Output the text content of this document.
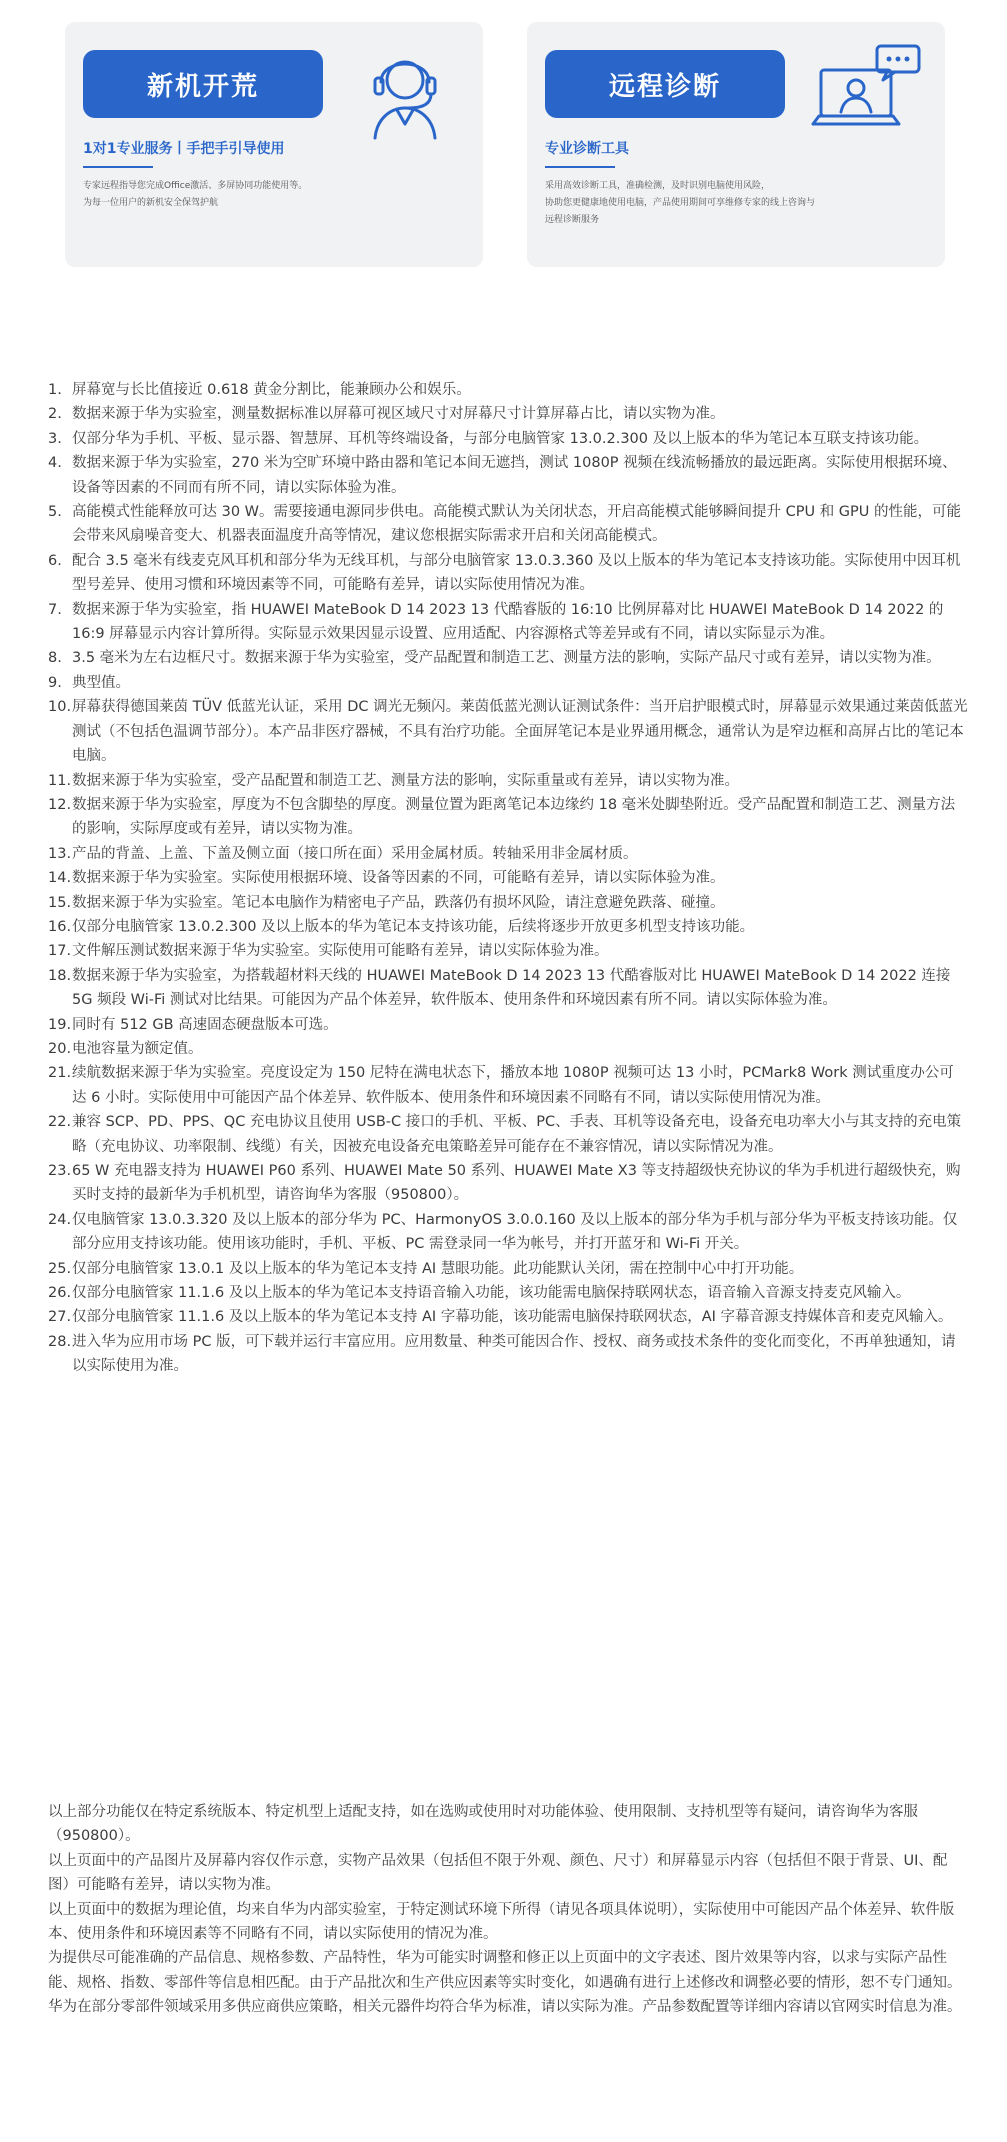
新机开荒
1对1专业服务丨手把手引导使用
专家远程指导您完成Office激活、多屏协同功能使用等。
为每一位用户的新机安全保驾护航
远程诊断
专业诊断工具
采用高效诊断工具，准确检测，及时识别电脑使用风险，
协助您更健康地使用电脑，产品使用期间可享维修专家的线上咨询与
远程诊断服务
1. 屏幕宽与长比值接近 0.618 黄金分割比，能兼顾办公和娱乐。
2. 数据来源于华为实验室，测量数据标准以屏幕可视区域尺寸对屏幕尺寸计算屏幕占比，请以实物为准。
3. 仅部分华为手机、平板、显示器、智慧屏、耳机等终端设备，与部分电脑管家 13.0.2.300 及以上版本的华为笔记本互联支持该功能。
4. 数据来源于华为实验室，270 米为空旷环境中路由器和笔记本间无遮挡，测试 1080P 视频在线流畅播放的最远距离。实际使用根据环境、设备等因素的不同而有所不同，请以实际体验为准。
5. 高能模式性能释放可达 30 W。需要接通电源同步供电。高能模式默认为关闭状态，开启高能模式能够瞬间提升 CPU 和 GPU 的性能，可能会带来风扇噪音变大、机器表面温度升高等情况，建议您根据实际需求开启和关闭高能模式。
6. 配合 3.5 毫米有线麦克风耳机和部分华为无线耳机，与部分电脑管家 13.0.3.360 及以上版本的华为笔记本支持该功能。实际使用中因耳机型号差异、使用习惯和环境因素等不同，可能略有差异，请以实际使用情况为准。
7. 数据来源于华为实验室，指 HUAWEI MateBook D 14 2023 13 代酷睿版的 16:10 比例屏幕对比 HUAWEI MateBook D 14 2022 的 16:9 屏幕显示内容计算所得。实际显示效果因显示设置、应用适配、内容源格式等差异或有不同，请以实际显示为准。
8. 3.5 毫米为左右边框尺寸。数据来源于华为实验室，受产品配置和制造工艺、测量方法的影响，实际产品尺寸或有差异，请以实物为准。
9. 典型值。
10. 屏幕获得德国莱茵 TÜV 低蓝光认证，采用 DC 调光无频闪。莱茵低蓝光测认证测试条件：当开启护眼模式时，屏幕显示效果通过莱茵低蓝光测试（不包括色温调节部分）。本产品非医疗器械，不具有治疗功能。全面屏笔记本是业界通用概念，通常认为是窄边框和高屏占比的笔记本电脑。
11. 数据来源于华为实验室，受产品配置和制造工艺、测量方法的影响，实际重量或有差异，请以实物为准。
12. 数据来源于华为实验室，厚度为不包含脚垫的厚度。测量位置为距离笔记本边缘约 18 毫米处脚垫附近。受产品配置和制造工艺、测量方法的影响，实际厚度或有差异，请以实物为准。
13. 产品的背盖、上盖、下盖及侧立面（接口所在面）采用金属材质。转轴采用非金属材质。
14. 数据来源于华为实验室。实际使用根据环境、设备等因素的不同，可能略有差异，请以实际体验为准。
15. 数据来源于华为实验室。笔记本电脑作为精密电子产品，跌落仍有损坏风险，请注意避免跌落、碰撞。
16. 仅部分电脑管家 13.0.2.300 及以上版本的华为笔记本支持该功能，后续将逐步开放更多机型支持该功能。
17. 文件解压测试数据来源于华为实验室。实际使用可能略有差异，请以实际体验为准。
18. 数据来源于华为实验室，为搭载超材料天线的 HUAWEI MateBook D 14 2023 13 代酷睿版对比 HUAWEI MateBook D 14 2022 连接 5G 频段 Wi-Fi 测试对比结果。可能因为产品个体差异，软件版本、使用条件和环境因素有所不同。请以实际体验为准。
19. 同时有 512 GB 高速固态硬盘版本可选。
20. 电池容量为额定值。
21. 续航数据来源于华为实验室。亮度设定为 150 尼特在满电状态下，播放本地 1080P 视频可达 13 小时，PCMark8 Work 测试重度办公可达 6 小时。实际使用中可能因产品个体差异、软件版本、使用条件和环境因素不同略有不同，请以实际使用情况为准。
22. 兼容 SCP、PD、PPS、QC 充电协议且使用 USB-C 接口的手机、平板、PC、手表、耳机等设备充电，设备充电功率大小与其支持的充电策略（充电协议、功率限制、线缆）有关，因被充电设备充电策略差异可能存在不兼容情况，请以实际情况为准。
23. 65 W 充电器支持为 HUAWEI P60 系列、HUAWEI Mate 50 系列、HUAWEI Mate X3 等支持超级快充协议的华为手机进行超级快充，购买时支持的最新华为手机机型，请咨询华为客服（950800）。
24. 仅电脑管家 13.0.3.320 及以上版本的部分华为 PC、HarmonyOS 3.0.0.160 及以上版本的部分华为手机与部分华为平板支持该功能。仅部分应用支持该功能。使用该功能时，手机、平板、PC 需登录同一华为帐号，并打开蓝牙和 Wi-Fi 开关。
25. 仅部分电脑管家 13.0.1 及以上版本的华为笔记本支持 AI 慧眼功能。此功能默认关闭，需在控制中心中打开功能。
26. 仅部分电脑管家 11.1.6 及以上版本的华为笔记本支持语音输入功能，该功能需电脑保持联网状态，语音输入音源支持麦克风输入。
27. 仅部分电脑管家 11.1.6 及以上版本的华为笔记本支持 AI 字幕功能，该功能需电脑保持联网状态，AI 字幕音源支持媒体音和麦克风输入。
28. 进入华为应用市场 PC 版，可下载并运行丰富应用。应用数量、种类可能因合作、授权、商务或技术条件的变化而变化，不再单独通知，请以实际使用为准。

以上部分功能仅在特定系统版本、特定机型上适配支持，如在选购或使用时对功能体验、使用限制、支持机型等有疑问，请咨询华为客服（950800）。

以上页面中的产品图片及屏幕内容仅作示意，实物产品效果（包括但不限于外观、颜色、尺寸）和屏幕显示内容（包括但不限于背景、UI、配图）可能略有差异，请以实物为准。

以上页面中的数据为理论值，均来自华为内部实验室，于特定测试环境下所得（请见各项具体说明），实际使用中可能因产品个体差异、软件版本、使用条件和环境因素等不同略有不同，请以实际使用的情况为准。

为提供尽可能准确的产品信息、规格参数、产品特性，华为可能实时调整和修正以上页面中的文字表述、图片效果等内容，以求与实际产品性能、规格、指数、零部件等信息相匹配。由于产品批次和生产供应因素等实时变化，如遇确有进行上述修改和调整必要的情形，恕不专门通知。华为在部分零部件领域采用多供应商供应策略，相关元器件均符合华为标准，请以实际为准。产品参数配置等详细内容请以官网实时信息为准。
